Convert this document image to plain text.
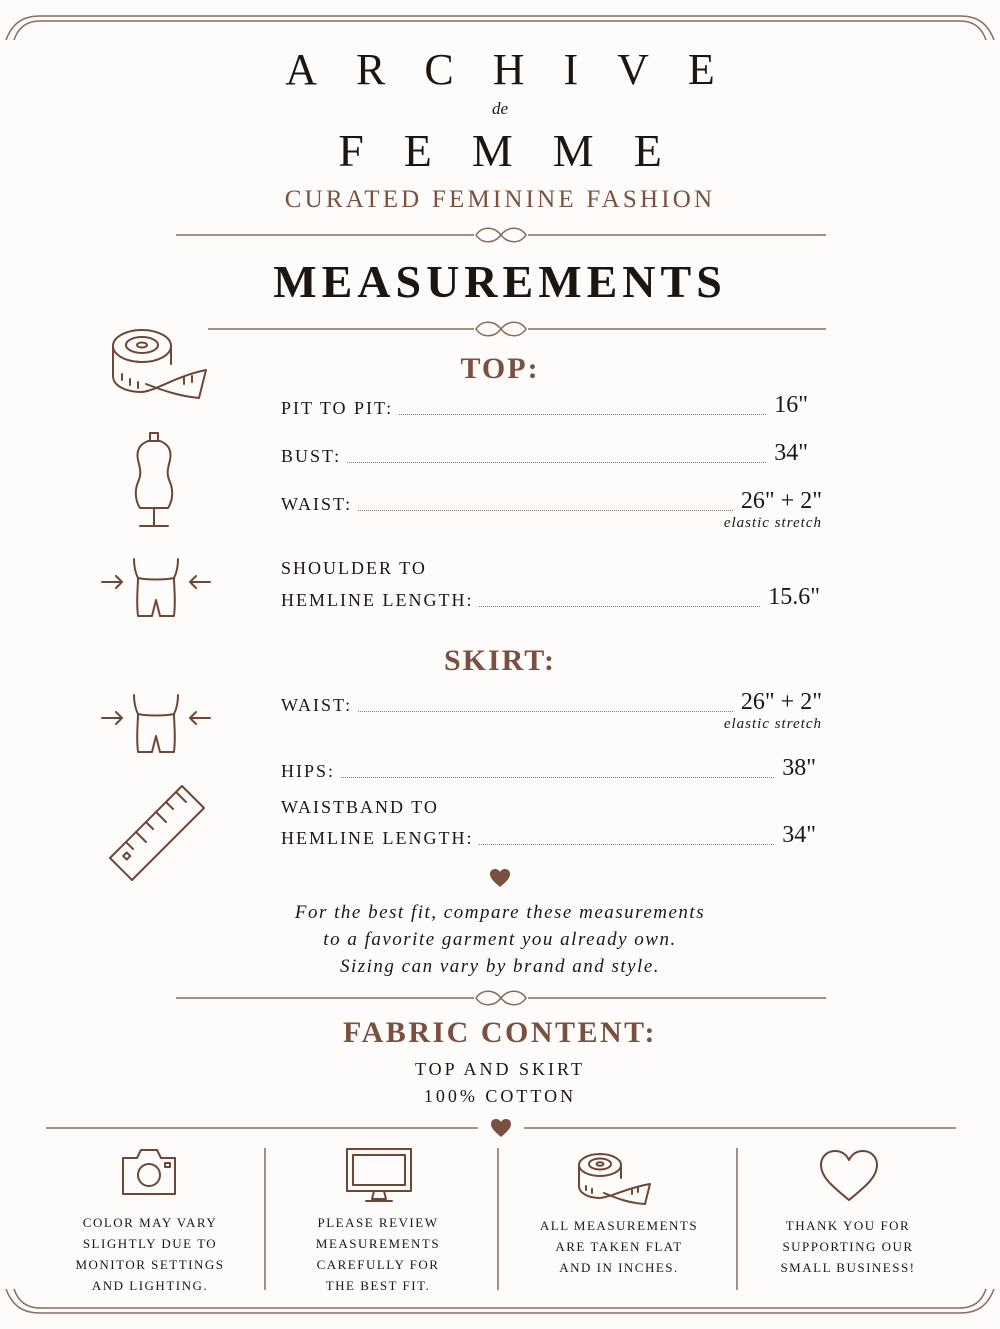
ARCHIVE
de
FEMME
CURATED FEMININE FASHION
MEASUREMENTS
TOP:
PIT TO PIT:	16"
BUST:	34"
WAIST:	26" + 2"
elastic stretch
SHOULDER TO
HEMLINE LENGTH:	15.6"
SKIRT:
WAIST:	26" + 2"
elastic stretch
HIPS:	38"
WAISTBAND TO
HEMLINE LENGTH:	34"
For the best fit, compare these measurements
to a favorite garment you already own.
Sizing can vary by brand and style.
FABRIC CONTENT:
TOP AND SKIRT
100% COTTON
COLOR MAY VARY
SLIGHTLY DUE TO
MONITOR SETTINGS
AND LIGHTING.
PLEASE REVIEW
MEASUREMENTS
CAREFULLY FOR
THE BEST FIT.
ALL MEASUREMENTS
ARE TAKEN FLAT
AND IN INCHES.
THANK YOU FOR
SUPPORTING OUR
SMALL BUSINESS!
